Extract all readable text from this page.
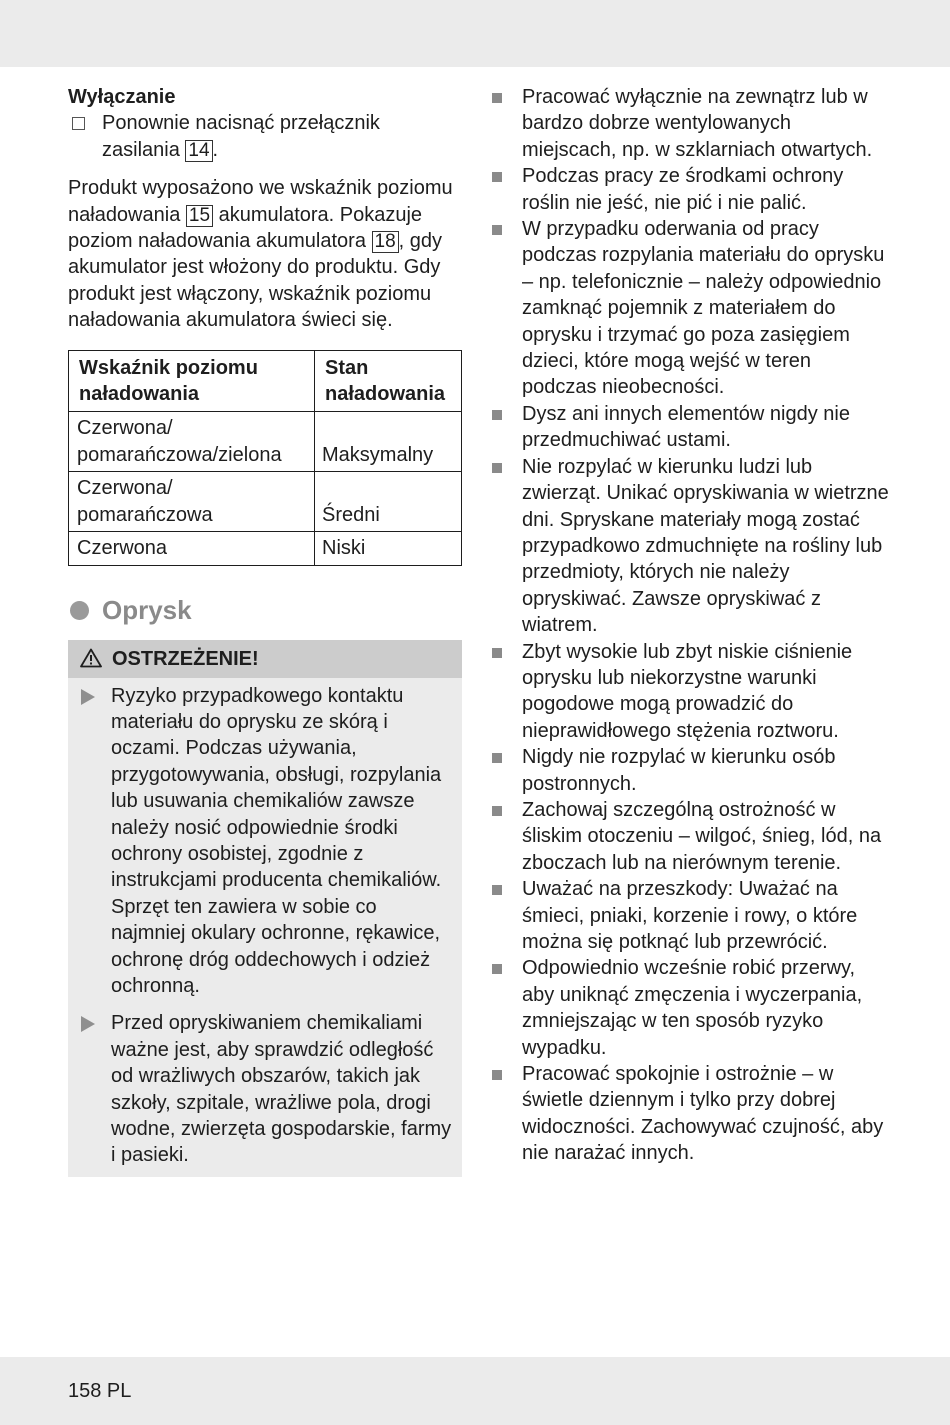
Wyłączanie

Ponownie nacisnąć przełącznik zasilania 14 .

Produkt wyposażono we wskaźnik poziomu naładowania 15 akumulatora. Pokazuje poziom naładowania akumulatora 18 , gdy akumulator jest włożony do produktu. Gdy produkt jest włączony, wskaźnik poziomu naładowania akumulatora świeci się.

Wskaźnik poziomu naładowania	Stan naładowania
Czerwona/ pomarańczowa/zielona	Maksymalny
Czerwona/ pomarańczowa	Średni
Czerwona	Niski
Oprysk
OSTRZEŻENIE!

Ryzyko przypadkowego kontaktu materiału do oprysku ze skórą i oczami. Podczas używania, przygotowywania, obsługi, rozpylania lub usuwania chemikaliów zawsze należy nosić odpowiednie środki ochrony osobistej, zgodnie z instrukcjami producenta chemikaliów. Sprzęt ten zawiera w sobie co najmniej okulary ochronne, rękawice, ochronę dróg oddechowych i odzież ochronną.

Przed opryskiwaniem chemikaliami ważne jest, aby sprawdzić odległość od wrażliwych obszarów, takich jak szkoły, szpitale, wrażliwe pola, drogi wodne, zwierzęta gospodarskie, farmy i pasieki.

Pracować wyłącznie na zewnątrz lub w bardzo dobrze wentylowanych miejscach, np. w szklarniach otwartych.

Podczas pracy ze środkami ochrony roślin nie jeść, nie pić i nie palić.

W przypadku oderwania od pracy podczas rozpylania materiału do oprysku – np. telefonicznie – należy odpowiednio zamknąć pojemnik z materiałem do oprysku i trzymać go poza zasięgiem dzieci, które mogą wejść w teren podczas nieobecności.

Dysz ani innych elementów nigdy nie przedmuchiwać ustami.

Nie rozpylać w kierunku ludzi lub zwierząt. Unikać opryskiwania w wietrzne dni. Spryskane materiały mogą zostać przypadkowo zdmuchnięte na rośliny lub przedmioty, których nie należy opryskiwać. Zawsze opryskiwać z wiatrem.

Zbyt wysokie lub zbyt niskie ciśnienie oprysku lub niekorzystne warunki pogodowe mogą prowadzić do nieprawidłowego stężenia roztworu.

Nigdy nie rozpylać w kierunku osób postronnych.

Zachowaj szczególną ostrożność w śliskim otoczeniu – wilgoć, śnieg, lód, na zboczach lub na nierównym terenie.

Uważać na przeszkody: Uważać na śmieci, pniaki, korzenie i rowy, o które można się potknąć lub przewrócić.

Odpowiednio wcześnie robić przerwy, aby uniknąć zmęczenia i wyczerpania, zmniejszając w ten sposób ryzyko wypadku.

Pracować spokojnie i ostrożnie – w świetle dziennym i tylko przy dobrej widoczności. Zachowywać czujność, aby nie narażać innych.

158 PL
